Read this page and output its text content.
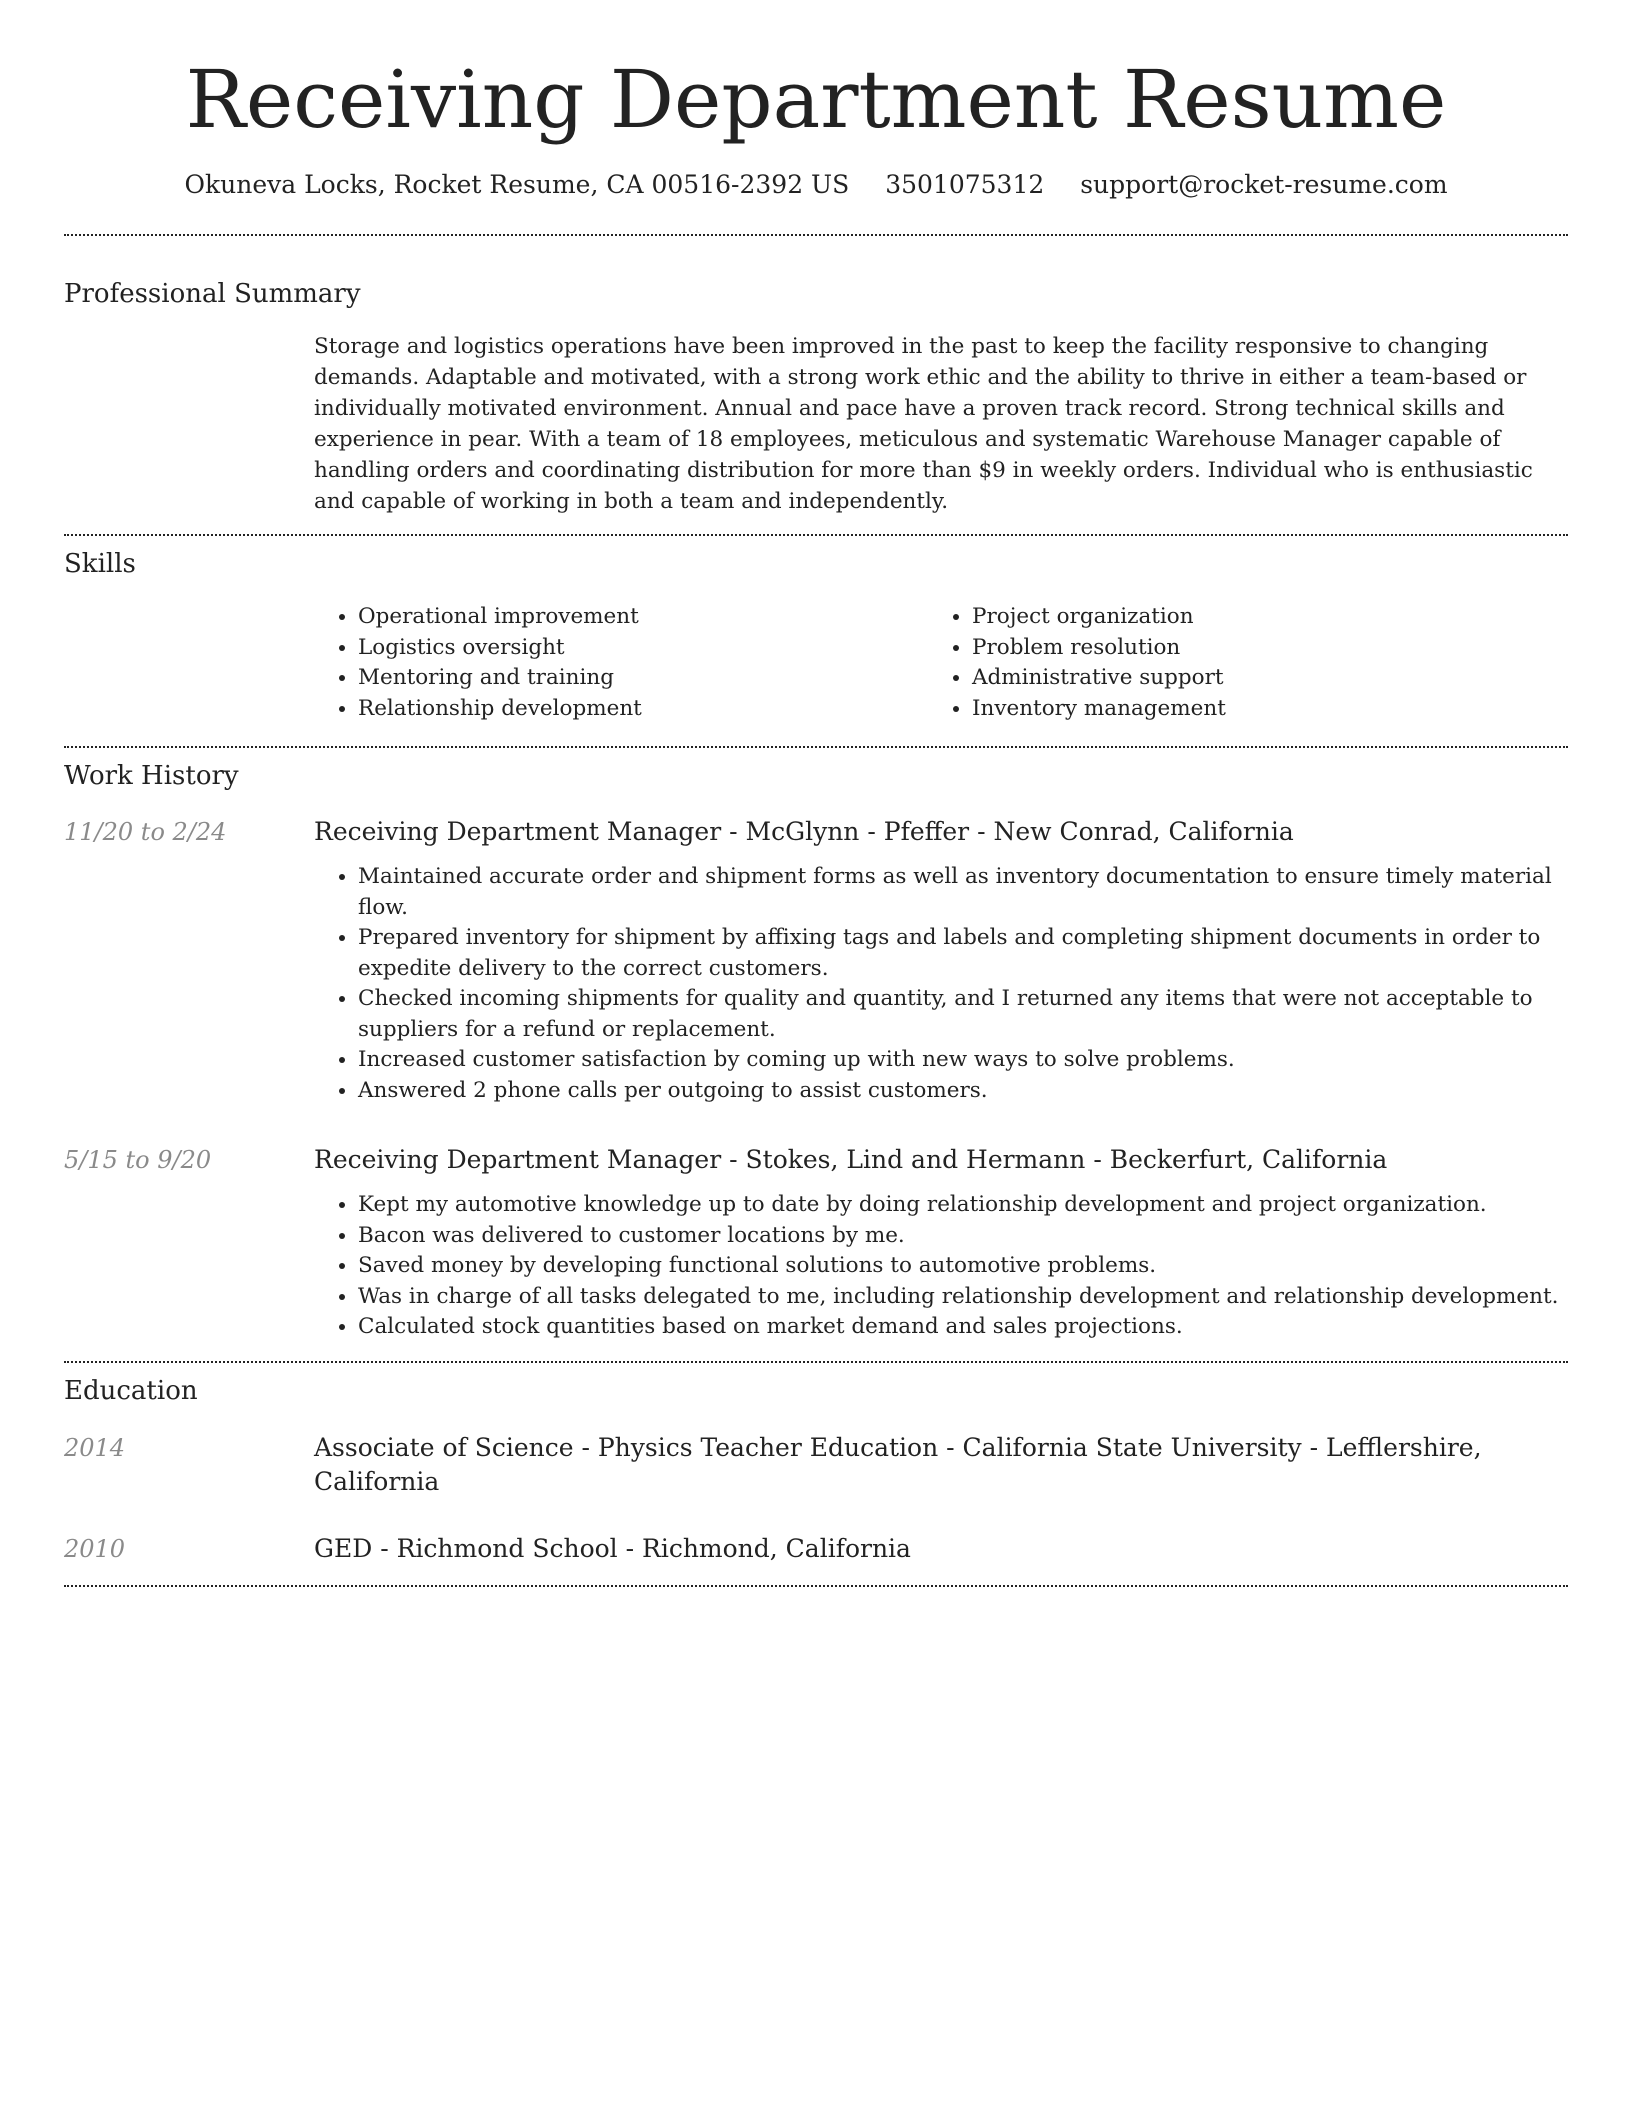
Receiving Department Resume
Okuneva Locks, Rocket Resume, CA 00516-2392 US 3501075312 support@rocket-resume.com
Professional Summary

Storage and logistics operations have been improved in the past to keep the facility responsive to changing demands. Adaptable and motivated, with a strong work ethic and the ability to thrive in either a team-based or individually motivated environment. Annual and pace have a proven track record. Strong technical skills and experience in pear. With a team of 18 employees, meticulous and systematic Warehouse Manager capable of handling orders and coordinating distribution for more than $9 in weekly orders. Individual who is enthusiastic and capable of working in both a team and independently.

Skills
• Operational improvement
• Logistics oversight
• Mentoring and training
• Relationship development
• Project organization
• Problem resolution
• Administrative support
• Inventory management
Work History
11/20 to 2/24	Receiving Department Manager - McGlynn - Pfeffer - New Conrad, California
• Maintained accurate order and shipment forms as well as inventory documentation to ensure timely material flow.
• Prepared inventory for shipment by affixing tags and labels and completing shipment documents in order to expedite delivery to the correct customers.
• Checked incoming shipments for quality and quantity, and I returned any items that were not acceptable to suppliers for a refund or replacement.
• Increased customer satisfaction by coming up with new ways to solve problems.
• Answered 2 phone calls per outgoing to assist customers.
5/15 to 9/20	Receiving Department Manager - Stokes, Lind and Hermann - Beckerfurt, California
• Kept my automotive knowledge up to date by doing relationship development and project organization.
• Bacon was delivered to customer locations by me.
• Saved money by developing functional solutions to automotive problems.
• Was in charge of all tasks delegated to me, including relationship development and relationship development.
• Calculated stock quantities based on market demand and sales projections.
Education
2014	Associate of Science - Physics Teacher Education - California State University - Lefflershire, California
2010	GED - Richmond School - Richmond, California
